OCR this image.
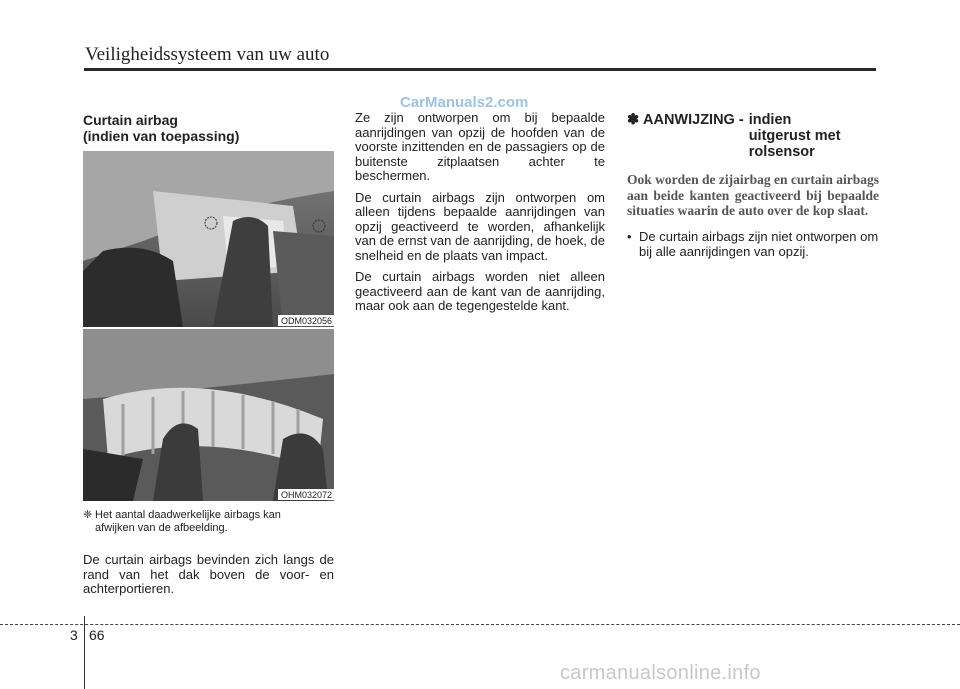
Veiligheidssysteem van uw auto
CarManuals2.com

Curtain airbag

(indien van toepassing)

ODM032056
OHM032072
❈ Het aantal daadwerkelijke airbags kan
afwijken van de afbeelding.

De curtain airbags bevinden zich langs de rand van het dak boven de voor- en achterportieren.

Ze zijn ontworpen om bij bepaalde aanrijdingen van opzij de hoofden van de voorste inzittenden en de passagiers op de buitenste zitplaatsen achter te beschermen.

De curtain airbags zijn ontworpen om alleen tijdens bepaalde aanrijdingen van opzij geactiveerd te worden, afhankelijk van de ernst van de aanrijding, de hoek, de snelheid en de plaats van impact.

De curtain airbags worden niet alleen geactiveerd aan de kant van de aanrijding, maar ook aan de tegengestelde kant.

✽ AANWIJZING - indien
uitgerust met
rolsensor

Ook worden de zijairbag en curtain airbags aan beide kanten geactiveerd bij bepaalde situaties waarin de auto over de kop slaat.

• De curtain airbags zijn niet ontworpen om bij alle aanrijdingen van opzij.
3 66
carmanualsonline.info
